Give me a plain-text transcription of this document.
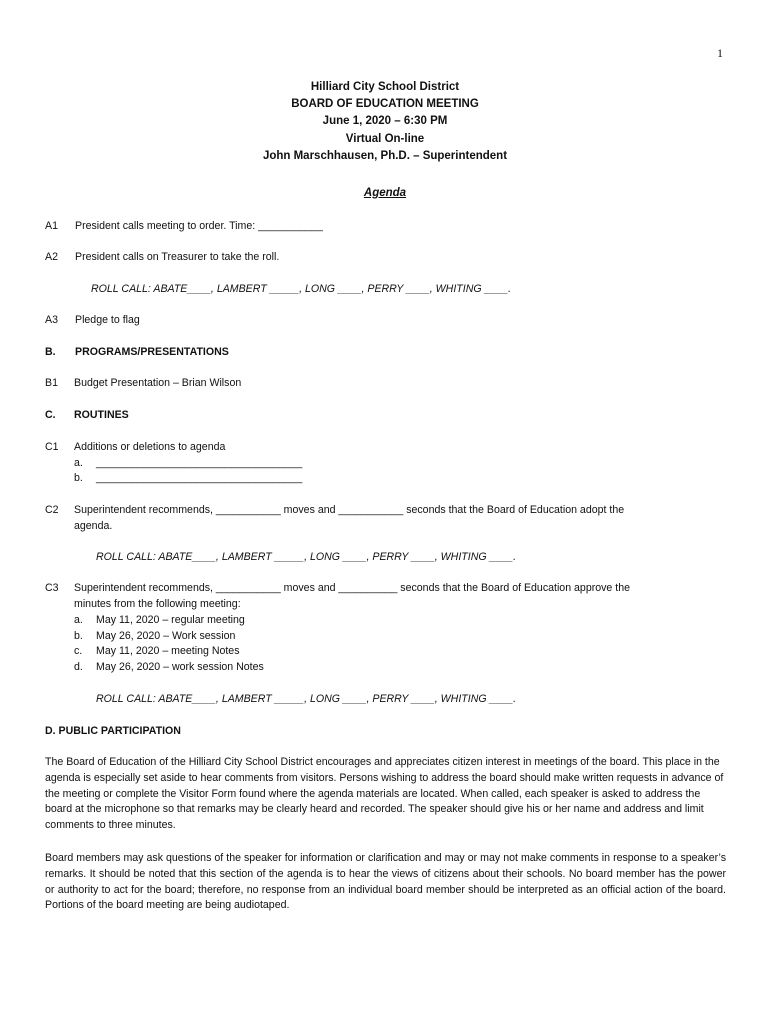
1
Hilliard City School District
BOARD OF EDUCATION MEETING
June 1, 2020 – 6:30 PM
Virtual On-line
John Marschhausen, Ph.D. – Superintendent
Agenda
A1 President calls meeting to order. Time: ___________
A2 President calls on Treasurer to take the roll.
ROLL CALL: ABATE____, LAMBERT _____, LONG ____, PERRY ____, WHITING ____.
A3 Pledge to flag
B. PROGRAMS/PRESENTATIONS
B1 Budget Presentation – Brian Wilson
C. ROUTINES
C1 Additions or deletions to agenda
a. ___________________________________
b. ___________________________________
C2 Superintendent recommends, ___________ moves and ___________ seconds that the Board of Education adopt the
agenda.
ROLL CALL: ABATE____, LAMBERT _____, LONG ____, PERRY ____, WHITING ____.
C3 Superintendent recommends, ___________ moves and __________ seconds that the Board of Education approve the
minutes from the following meeting:
a. May 11, 2020 – regular meeting
b. May 26, 2020 – Work session
c. May 11, 2020 – meeting Notes
d. May 26, 2020 – work session Notes
ROLL CALL: ABATE____, LAMBERT _____, LONG ____, PERRY ____, WHITING ____.
D. PUBLIC PARTICIPATION
The Board of Education of the Hilliard City School District encourages and appreciates citizen interest in meetings of the board. This place in the agenda is especially set aside to hear comments from visitors. Persons wishing to address the board should make written requests in advance of the meeting or complete the Visitor Form found where the agenda materials are located. When called, each speaker is asked to address the board at the microphone so that remarks may be clearly heard and recorded. The speaker should give his or her name and address and limit comments to three minutes.
Board members may ask questions of the speaker for information or clarification and may or may not make comments in response to a speaker’s remarks. It should be noted that this section of the agenda is to hear the views of citizens about their schools. No board member has the power or authority to act for the board; therefore, no response from an individual board member should be interpreted as an official action of the board. Portions of the board meeting are being audiotaped.
